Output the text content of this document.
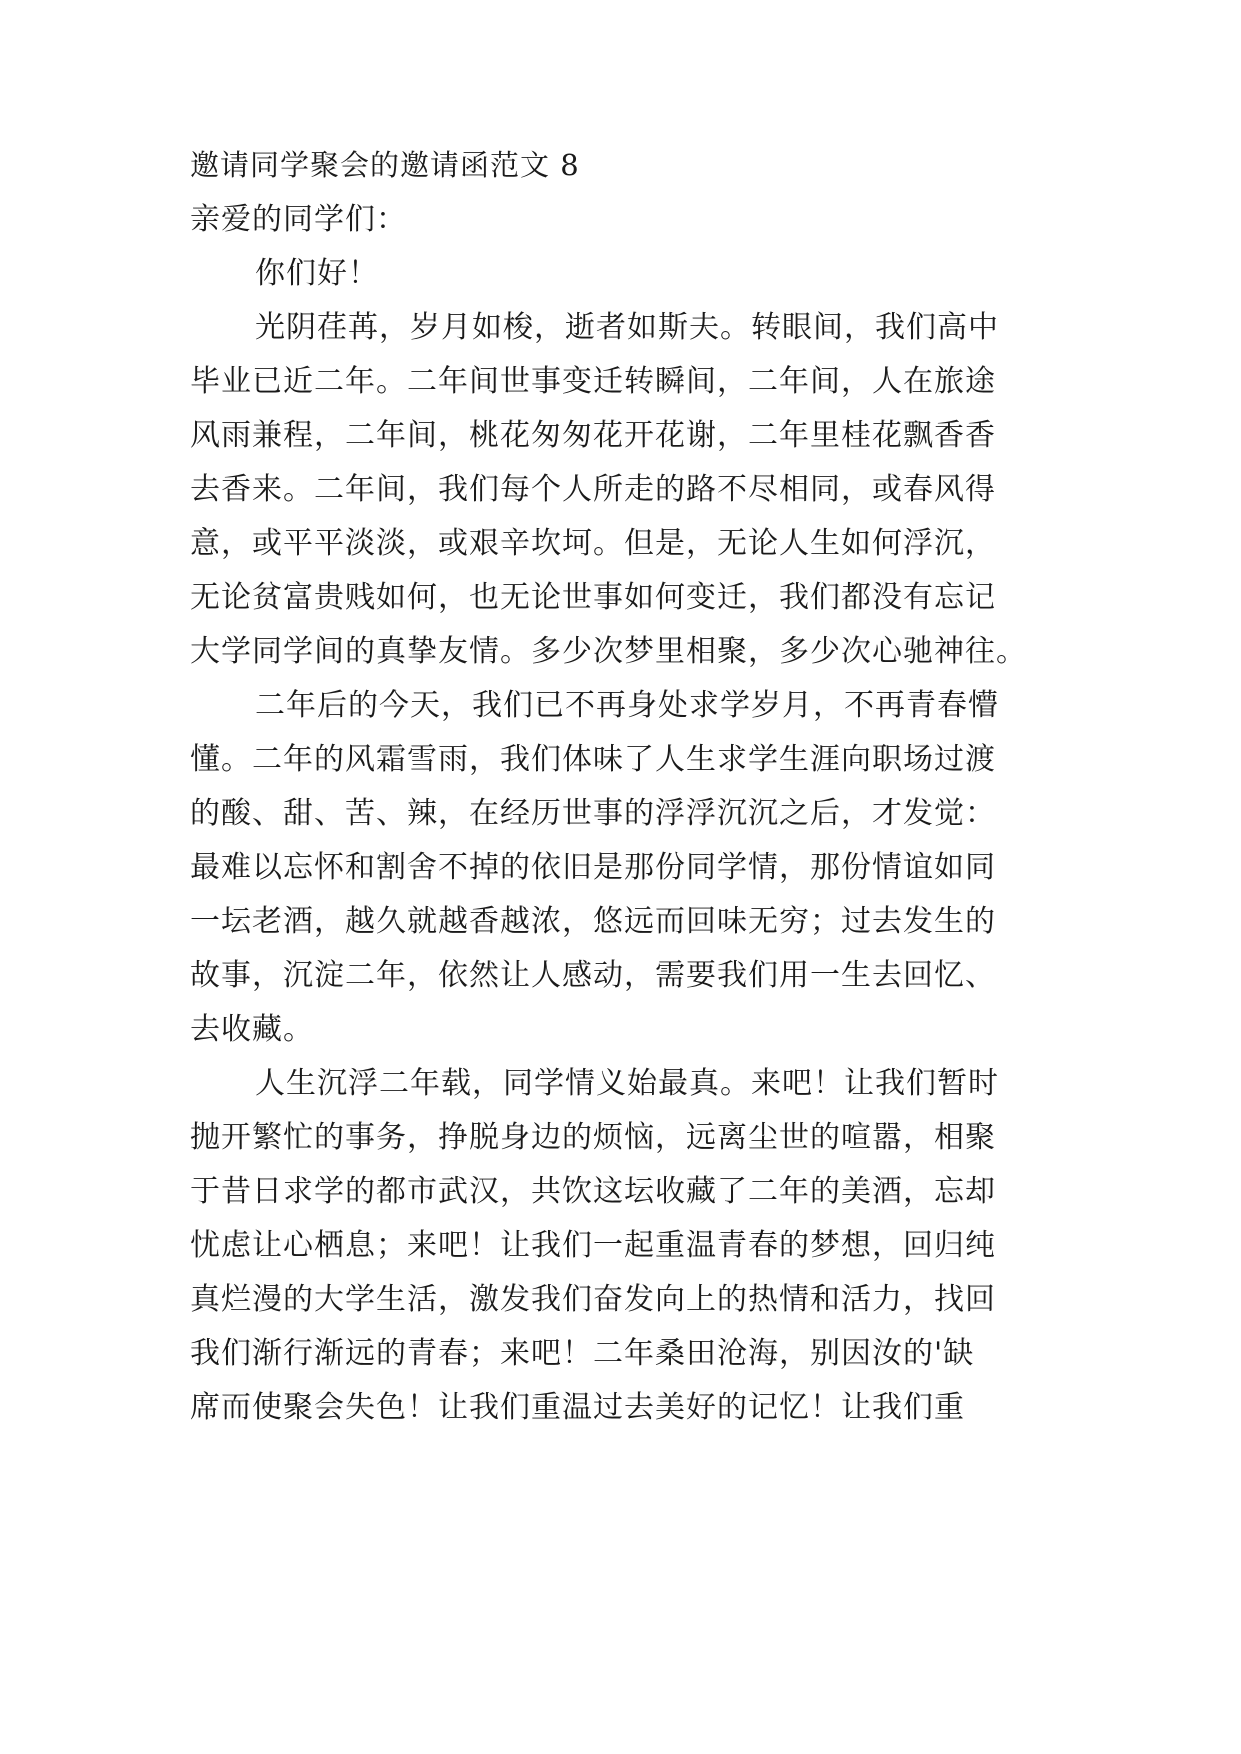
邀请同学聚会的邀请函范文 8
亲爱的同学们：
你们好！
光阴荏苒，岁月如梭，逝者如斯夫。转眼间，我们高中
毕业已近二年。二年间世事变迁转瞬间，二年间，人在旅途
风雨兼程，二年间，桃花匆匆花开花谢，二年里桂花飘香香
去香来。二年间，我们每个人所走的路不尽相同，或春风得
意，或平平淡淡，或艰辛坎坷。但是，无论人生如何浮沉，
无论贫富贵贱如何，也无论世事如何变迁，我们都没有忘记
大学同学间的真挚友情。多少次梦里相聚，多少次心驰神往。
二年后的今天，我们已不再身处求学岁月，不再青春懵
懂。二年的风霜雪雨，我们体味了人生求学生涯向职场过渡
的酸、甜、苦、辣，在经历世事的浮浮沉沉之后，才发觉：
最难以忘怀和割舍不掉的依旧是那份同学情，那份情谊如同
一坛老酒，越久就越香越浓，悠远而回味无穷；过去发生的
故事，沉淀二年，依然让人感动，需要我们用一生去回忆、
去收藏。
人生沉浮二年载，同学情义始最真。来吧！让我们暂时
抛开繁忙的事务，挣脱身边的烦恼，远离尘世的喧嚣，相聚
于昔日求学的都市武汉，共饮这坛收藏了二年的美酒，忘却
忧虑让心栖息；来吧！让我们一起重温青春的梦想，回归纯
真烂漫的大学生活，激发我们奋发向上的热情和活力，找回
我们渐行渐远的青春；来吧！二年桑田沧海，别因汝的'缺
席而使聚会失色！让我们重温过去美好的记忆！让我们重
